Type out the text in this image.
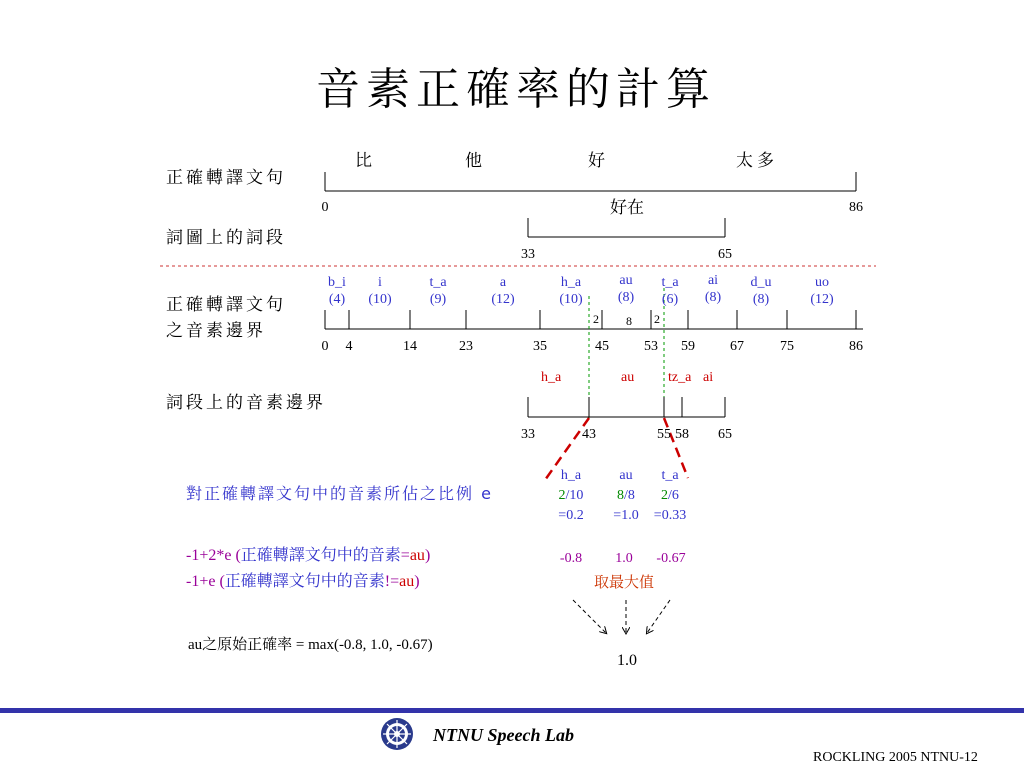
音素正確率的計算
正確轉譯文句
比	他	好	太多
0	86
好在
詞圖上的詞段
33	65
正確轉譯文句
之音素邊界
b_i
(4)
i
(10)
t_a
(9)
a
(12)
h_a
(10)
au
(8)
t_a
(6)
ai
(8)
d_u
(8)
uo
(12)
2 8 2
0 4	14	23	35	45	53 59	67	75	86
h_a	au tz_a ai
詞段上的音素邊界
33	43	55 58 65
對正確轉譯文句中的音素所佔之比例 e
h_a
2/10
=0.2
au
8/8
=1.0
t_a
2/6
=0.33
-1+2*e (正確轉譯文句中的音素=au)
-1+e (正確轉譯文句中的音素!=au)
-0.8 1.0 -0.67
取最大值
au之原始正確率 = max(-0.8, 1.0, -0.67)
1.0
NTNU Speech Lab
ROCKLING 2005 NTNU-12
